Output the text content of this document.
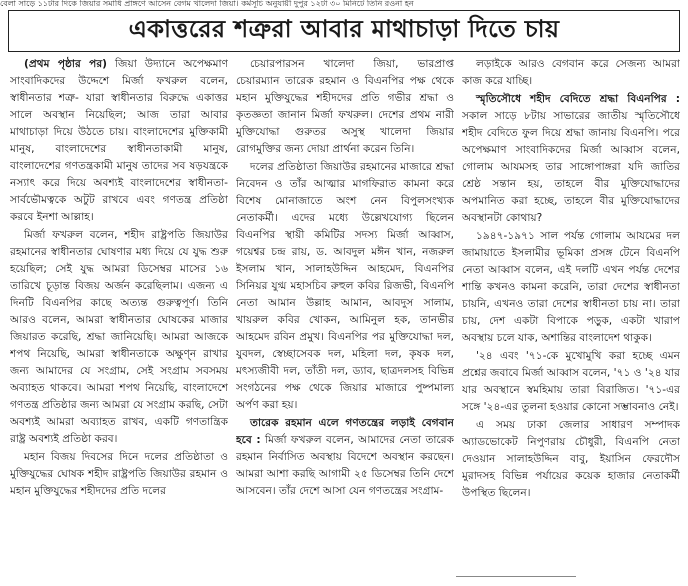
বেলা সাড়ে ১১টার দিকে জিয়ার সমাধি প্রাঙ্গণে আসেন বেগম খালেদা জিয়া। কর্মসূচি অনুযায়ী দুপুর ১২টা ৩০ মিনিটে তিনি রওনা হন
একাত্তরের শত্রুরা আবার মাথাচাড়া দিতে চায়

(প্রথম পৃষ্ঠার পর) জিয়া উদ্যানে অপেক্ষমাণ সাংবাদিকদের উদ্দেশে মির্জা ফখরুল বলেন, স্বাধীনতার শত্রু- যারা স্বাধীনতার বিরুদ্ধে একাত্তর সালে অবস্থান নিয়েছিল; আজ তারা আবার মাথাচাড়া দিয়ে উঠতে চায়। বাংলাদেশের মুক্তিকামী মানুষ, বাংলাদেশের স্বাধীনতাকামী মানুষ, বাংলাদেশের গণতন্ত্রকামী মানুষ তাদের সব ষড়যন্ত্রকে নস্যাৎ করে দিয়ে অবশ্যই বাংলাদেশের স্বাধীনতা-সার্বভৌমত্বকে অটুট রাখবে এবং গণতন্ত্র প্রতিষ্ঠা করবে ইনশা আল্লাহ।

মির্জা ফখরুল বলেন, শহীদ রাষ্ট্রপতি জিয়াউর রহমানের স্বাধীনতার ঘোষণার মধ্য দিয়ে যে যুদ্ধ শুরু হয়েছিল; সেই যুদ্ধ আমরা ডিসেম্বর মাসের ১৬ তারিখে চূড়ান্ত বিজয় অর্জন করেছিলাম। এজন্য এ দিনটি বিএনপির কাছে অত্যন্ত গুরুত্বপূর্ণ। তিনি আরও বলেন, আমরা স্বাধীনতার ঘোষকের মাজার জিয়ারত করেছি, শ্রদ্ধা জানিয়েছি। আমরা আজকে শপথ নিয়েছি, আমরা স্বাধীনতাকে অক্ষুণ্ন রাখার জন্য আমাদের যে সংগ্রাম, সেই সংগ্রাম সবসময় অব্যাহত থাকবে। আমরা শপথ নিয়েছি, বাংলাদেশে গণতন্ত্র প্রতিষ্ঠার জন্য আমরা যে সংগ্রাম করছি, সেটা অবশ্যই আমরা অব্যাহত রাখব, একটি গণতান্ত্রিক রাষ্ট্র অবশ্যই প্রতিষ্ঠা করব।

মহান বিজয় দিবসের দিনে দলের প্রতিষ্ঠাতা ও মুক্তিযুদ্ধের ঘোষক শহীদ রাষ্ট্রপতি জিয়াউর রহমান ও মহান মুক্তিযুদ্ধের শহীদদের প্রতি দলের

চেয়ারপারসন খালেদা জিয়া, ভারপ্রাপ্ত চেয়ারম্যান তারেক রহমান ও বিএনপির পক্ষ থেকে মহান মুক্তিযুদ্ধের শহীদদের প্রতি গভীর শ্রদ্ধা ও কৃতজ্ঞতা জানান মির্জা ফখরুল। দেশের প্রথম নারী মুক্তিযোদ্ধা গুরুতর অসুস্থ খালেদা জিয়ার রোগমুক্তির জন্য দোয়া প্রার্থনা করেন তিনি।

দলের প্রতিষ্ঠাতা জিয়াউর রহমানের মাজারে শ্রদ্ধা নিবেদন ও তাঁর আত্মার মাগফিরাত কামনা করে বিশেষ মোনাজাতে অংশ নেন বিপুলসংখ্যক নেতাকর্মী। এদের মধ্যে উল্লেখযোগ্য ছিলেন বিএনপির স্থায়ী কমিটির সদস্য মির্জা আব্বাস, গয়েশ্বর চন্দ্র রায়, ড. আবদুল মঈন খান, নজরুল ইসলাম খান, সালাহউদ্দিন আহমেদ, বিএনপির সিনিয়র যুগ্ম মহাসচিব রুহুল কবির রিজভী, বিএনপি নেতা আমান উল্লাহ আমান, আবদুস সালাম, খায়রুল কবির খোকন, আমিনুল হক, তানভীর আহমেদ রবিন প্রমুখ। বিএনপির পর মুক্তিযোদ্ধা দল, যুবদল, স্বেচ্ছাসেবক দল, মহিলা দল, কৃষক দল, মৎস্যজীবী দল, তাঁতী দল, ড্যাব, ছাত্রদলসহ বিভিন্ন সংগঠনের পক্ষ থেকে জিয়ার মাজারে পুষ্পমাল্য অর্পণ করা হয়।

তারেক রহমান এলে গণতন্ত্রের লড়াই বেগবান হবে : মির্জা ফখরুল বলেন, আমাদের নেতা তারেক রহমান নির্বাসিত অবস্থায় বিদেশে অবস্থান করছেন। আমরা আশা করছি আগামী ২৫ ডিসেম্বর তিনি দেশে আসবেন। তাঁর দেশে আসা যেন গণতন্ত্রের সংগ্রাম-

লড়াইকে আরও বেগবান করে সেজন্য আমরা কাজ করে যাচ্ছি।

স্মৃতিসৌধে শহীদ বেদিতে শ্রদ্ধা বিএনপির : সকাল সাড়ে ৮টায় সাভারের জাতীয় স্মৃতিসৌধে শহীদ বেদিতে ফুল দিয়ে শ্রদ্ধা জানায় বিএনপি। পরে অপেক্ষমাণ সাংবাদিকদের মির্জা আব্বাস বলেন, গোলাম আযমসহ তার সাঙ্গোপাঙ্গরা যদি জাতির শ্রেষ্ঠ সন্তান হয়, তাহলে বীর মুক্তিযোদ্ধাদের অপমানিত করা হচ্ছে, তাহলে বীর মুক্তিযোদ্ধাদের অবস্থানটা কোথায়?

১৯৪৭-১৯৭১ সাল পর্যন্ত গোলাম আযমের দল জামায়াতে ইসলামীর ভূমিকা প্রসঙ্গ টেনে বিএনপি নেতা আব্বাস বলেন, এই দলটি এখন পর্যন্ত দেশের শান্তি কখনও কামনা করেনি, তারা দেশের স্বাধীনতা চায়নি, এখনও তারা দেশের স্বাধীনতা চায় না। তারা চায়, দেশ একটা বিপাকে পড়ুক, একটা খারাপ অবস্থায় চলে যাক, অশান্তির বাংলাদেশ থাকুক।

'২৪ এবং '৭১-কে মুখোমুখি করা হচ্ছে এমন প্রশ্নের জবাবে মির্জা আব্বাস বলেন, '৭১ ও '২৪ যার যার অবস্থানে স্বমহিমায় তারা বিরাজিত। '৭১-এর সঙ্গে '২৪-এর তুলনা হওয়ার কোনো সম্ভাবনাও নেই।

এ সময় ঢাকা জেলার সাধারণ সম্পাদক অ্যাডভোকেট নিপুণরায় চৌধুরী, বিএনপি নেতা দেওয়ান সালাহউদ্দিন বাবু, ইয়াসিন ফেরদৌস মুরাদসহ বিভিন্ন পর্যায়ের কয়েক হাজার নেতাকর্মী উপস্থিত ছিলেন।
